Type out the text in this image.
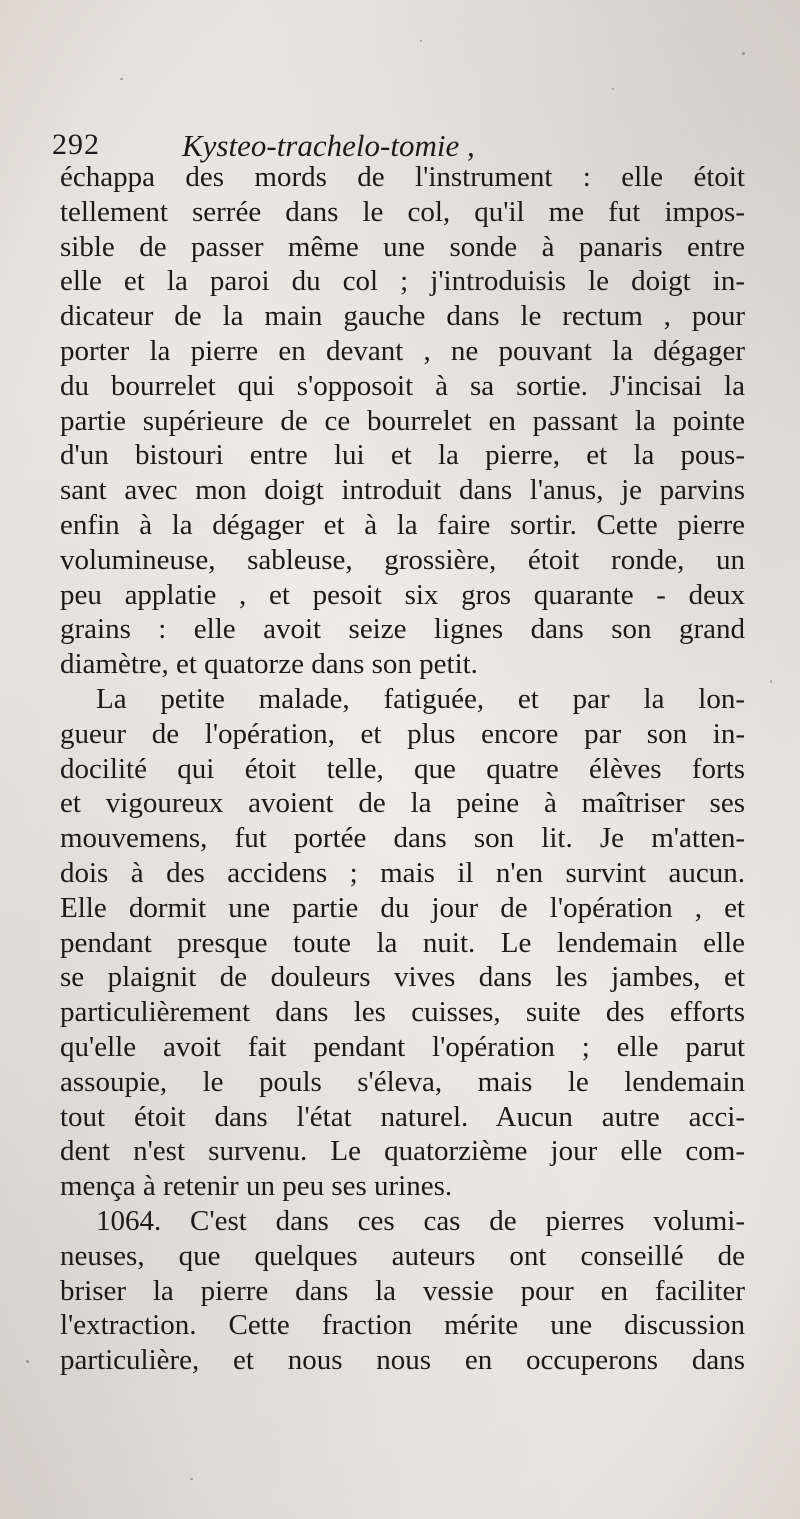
292	Kysteo-trachelo-tomie ,
échappa des mords de l'instrument : elle étoit
tellement serrée dans le col, qu'il me fut impos-
sible de passer même une sonde à panaris entre
elle et la paroi du col ; j'introduisis le doigt in-
dicateur de la main gauche dans le rectum , pour
porter la pierre en devant , ne pouvant la dégager
du bourrelet qui s'opposoit à sa sortie. J'incisai la
partie supérieure de ce bourrelet en passant la pointe
d'un bistouri entre lui et la pierre, et la pous-
sant avec mon doigt introduit dans l'anus, je parvins
enfin à la dégager et à la faire sortir. Cette pierre
volumineuse, sableuse, grossière, étoit ronde, un
peu applatie , et pesoit six gros quarante - deux
grains : elle avoit seize lignes dans son grand
diamètre, et quatorze dans son petit.
La petite malade, fatiguée, et par la lon-
gueur de l'opération, et plus encore par son in-
docilité qui étoit telle, que quatre élèves forts
et vigoureux avoient de la peine à maîtriser ses
mouvemens, fut portée dans son lit. Je m'atten-
dois à des accidens ; mais il n'en survint aucun.
Elle dormit une partie du jour de l'opération , et
pendant presque toute la nuit. Le lendemain elle
se plaignit de douleurs vives dans les jambes, et
particulièrement dans les cuisses, suite des efforts
qu'elle avoit fait pendant l'opération ; elle parut
assoupie, le pouls s'éleva, mais le lendemain
tout étoit dans l'état naturel. Aucun autre acci-
dent n'est survenu. Le quatorzième jour elle com-
mença à retenir un peu ses urines.
1064. C'est dans ces cas de pierres volumi-
neuses, que quelques auteurs ont conseillé de
briser la pierre dans la vessie pour en faciliter
l'extraction. Cette fraction mérite une discussion
particulière, et nous nous en occuperons dans
